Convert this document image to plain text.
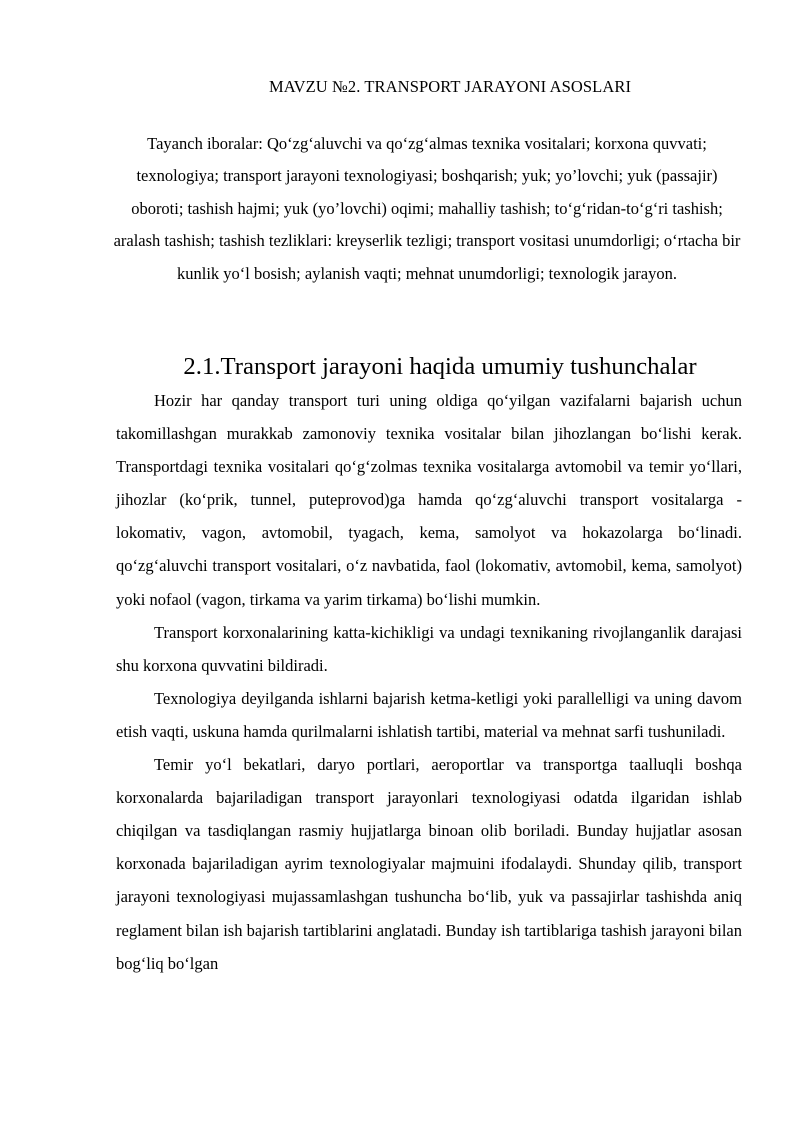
MAVZU №2. TRANSPORT JARAYONI ASOSLARI

Tayanch iboralar: Qo‘zg‘aluvchi va qo‘zg‘almas texnika vositalari; korxona quvvati; texnologiya; transport jarayoni texnologiyasi; boshqarish; yuk; yo’lovchi; yuk (passajir) oboroti; tashish hajmi; yuk (yo’lovchi) oqimi; mahalliy tashish; to‘g‘ridan-to‘g‘ri tashish; aralash tashish; tashish tezliklari: kreyserlik tezligi; transport vositasi unumdorligi; o‘rtacha bir kunlik yo‘l bosish; aylanish vaqti; mehnat unumdorligi; texnologik jarayon.

2.1.Transport jarayoni haqida umumiy tushunchalar

Hozir har qanday transport turi uning oldiga qo‘yilgan vazifalarni bajarish uchun takomillashgan murakkab zamonoviy texnika vositalar bilan jihozlangan bo‘lishi kerak. Transportdagi texnika vositalari qo‘g‘zolmas texnika vositalarga avtomobil va temir yo‘llari, jihozlar (ko‘prik, tunnel, puteprovod)ga hamda qo‘zg‘aluvchi transport vositalarga - lokomativ, vagon, avtomobil, tyagach, kema, samolyot va hokazolarga bo‘linadi. qo‘zg‘aluvchi transport vositalari, o‘z navbatida, faol (lokomativ, avtomobil, kema, samolyot) yoki nofaol (vagon, tirkama va yarim tirkama) bo‘lishi mumkin.

Transport korxonalarining katta-kichikligi va undagi texnikaning rivojlanganlik darajasi shu korxona quvvatini bildiradi.

Texnologiya deyilganda ishlarni bajarish ketma-ketligi yoki parallelligi va uning davom etish vaqti, uskuna hamda qurilmalarni ishlatish tartibi, material va mehnat sarfi tushuniladi.

Temir yo‘l bekatlari, daryo portlari, aeroportlar va transportga taalluqli boshqa korxonalarda bajariladigan transport jarayonlari texnologiyasi odatda ilgaridan ishlab chiqilgan va tasdiqlangan rasmiy hujjatlarga binoan olib boriladi. Bunday hujjatlar asosan korxonada bajariladigan ayrim texnologiyalar majmuini ifodalaydi. Shunday qilib, transport jarayoni texnologiyasi mujassamlashgan tushuncha bo‘lib, yuk va passajirlar tashishda aniq reglament bilan ish bajarish tartiblarini anglatadi. Bunday ish tartiblariga tashish jarayoni bilan bog‘liq bo‘lgan
